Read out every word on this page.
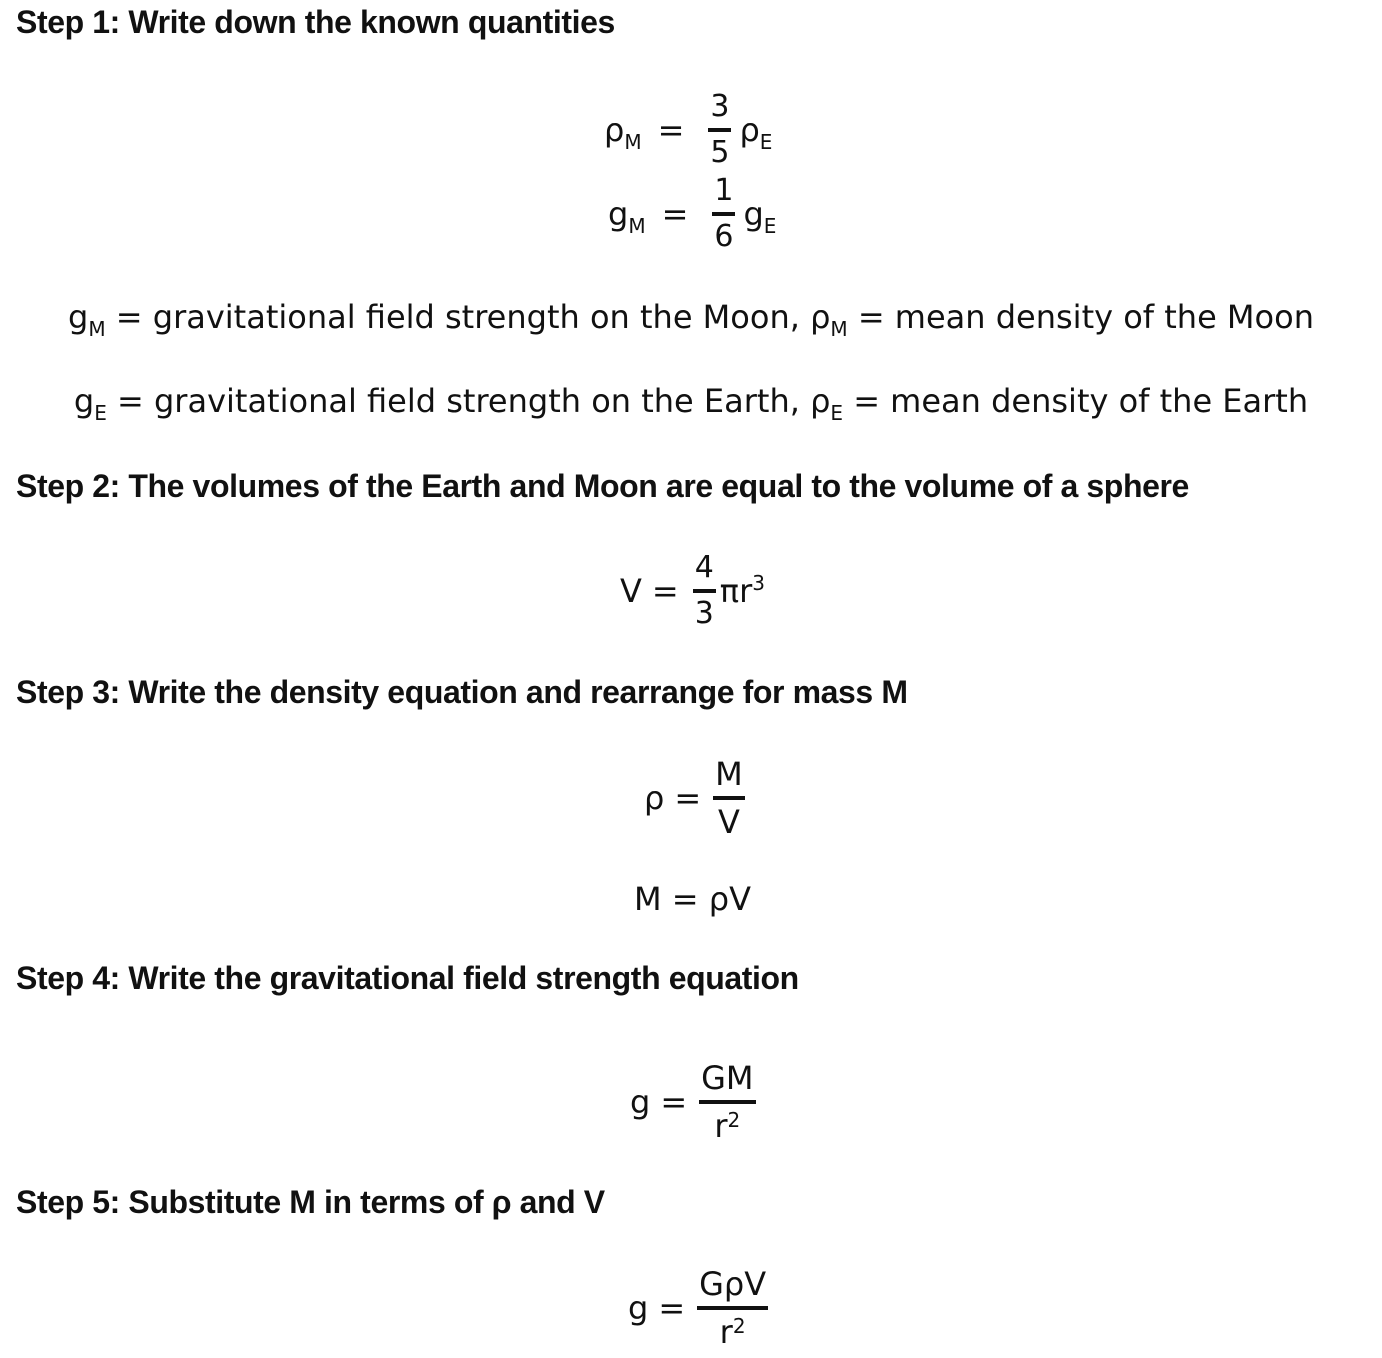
Step 1: Write down the known quantities
ρ $M = \frac{3}{5}$ ρ E
g $M = \frac{1}{6}$ g E
$g_M$ = gravitational field strength on the Moon, $\rho_M$ = mean density of the Moon
$g_E$ = gravitational field strength on the Earth, $\rho_E$ = mean density of the Earth
Step 2: The volumes of the Earth and Moon are equal to the volume of a sphere
$V = \frac{4}{3}$ πr 3
Step 3: Write the density equation and rearrange for mass M
$\rho = \frac{M}{V}$
M = ρV
Step 4: Write the gravitational field strength equation
$g = \frac{GM}{r^2}$
Step 5: Substitute M in terms of ρ and V
$g = \frac{\text{GρV}}{r^2}$
